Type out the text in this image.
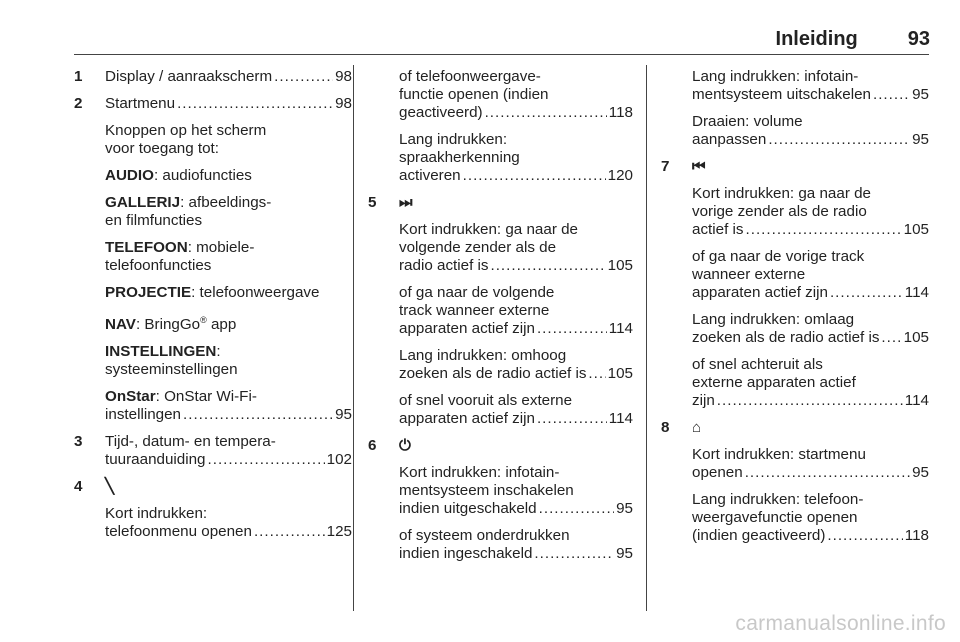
Inleiding	93
1	Display / aanraakscherm .....	98
2	Startmenu .....	98
Knoppen op het scherm
voor toegang tot:
AUDIO: audiofuncties
GALLERIJ: afbeeldings-
en filmfuncties
TELEFOON: mobiele-
telefoonfuncties
PROJECTIE: telefoonweergave
NAV: BringGo® app
INSTELLINGEN:
systeeminstellingen
OnStar: OnStar Wi-Fi-
instellingen .....	95
3	Tijd-, datum- en tempera-
tuuraanduiding .....	102
4	╲
Kort indrukken:
telefoonmenu openen .....	125
of telefoonweergave-
functie openen (indien
geactiveerd) .....	118
Lang indrukken:
spraakherkenning
activeren .....	120
5	⏭
Kort indrukken: ga naar de
volgende zender als de
radio actief is .....	105
of ga naar de volgende
track wanneer externe
apparaten actief zijn .....	114
Lang indrukken: omhoog
zoeken als de radio actief is ..... 105
of snel vooruit als externe
apparaten actief zijn .....	114
6	⏻
Kort indrukken: infotain-
mentsysteem inschakelen
indien uitgeschakeld .....	95
of systeem onderdrukken
indien ingeschakeld .....	95
Lang indrukken: infotain-
mentsysteem uitschakelen .....	95
Draaien: volume
aanpassen .....	95
7	⏮
Kort indrukken: ga naar de
vorige zender als de radio
actief is .....	105
of ga naar de vorige track
wanneer externe
apparaten actief zijn .....	114
Lang indrukken: omlaag
zoeken als de radio actief is ..... 105
of snel achteruit als
externe apparaten actief
zijn .....	114
8	⌂
Kort indrukken: startmenu
openen .....	95
Lang indrukken: telefoon-
weergavefunctie openen
(indien geactiveerd) .....	118
carmanualsonline.info
